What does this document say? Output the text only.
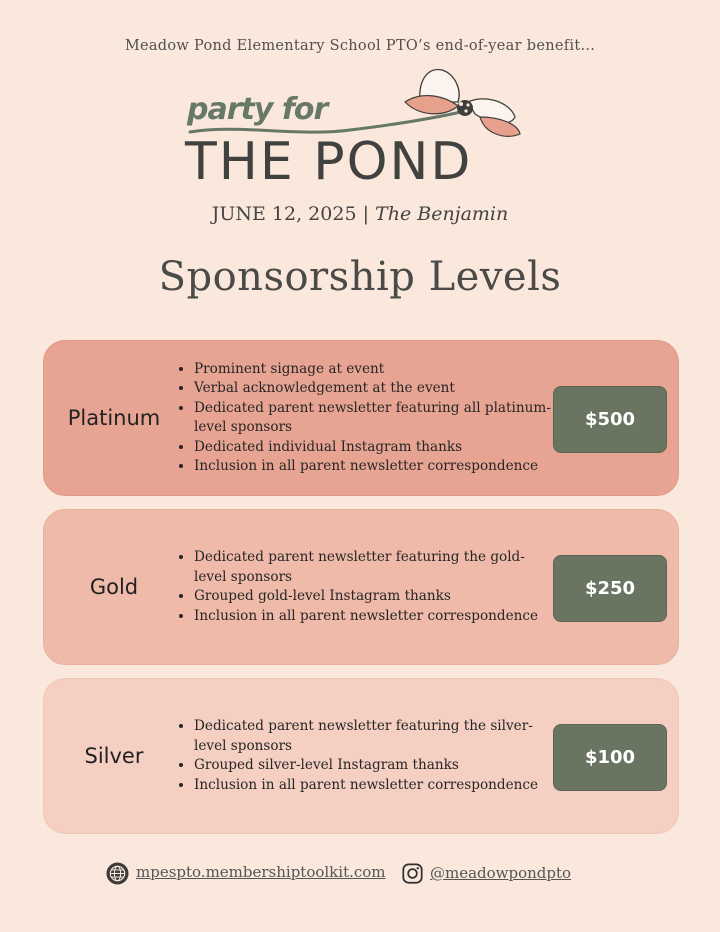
Meadow Pond Elementary School PTO’s end-of-year benefit...
party for
THE POND
JUNE 12, 2025 | The Benjamin
Sponsorship Levels
Platinum
• Prominent signage at event
• Verbal acknowledgement at the event
• Dedicated parent newsletter featuring all platinum-level sponsors
• Dedicated individual Instagram thanks
• Inclusion in all parent newsletter correspondence
$500
Gold
• Dedicated parent newsletter featuring the gold-level sponsors
• Grouped gold-level Instagram thanks
• Inclusion in all parent newsletter correspondence
$250
Silver
• Dedicated parent newsletter featuring the silver-level sponsors
• Grouped silver-level Instagram thanks
• Inclusion in all parent newsletter correspondence
$100
mpespto.membershiptoolkit.com	@meadowpondpto
